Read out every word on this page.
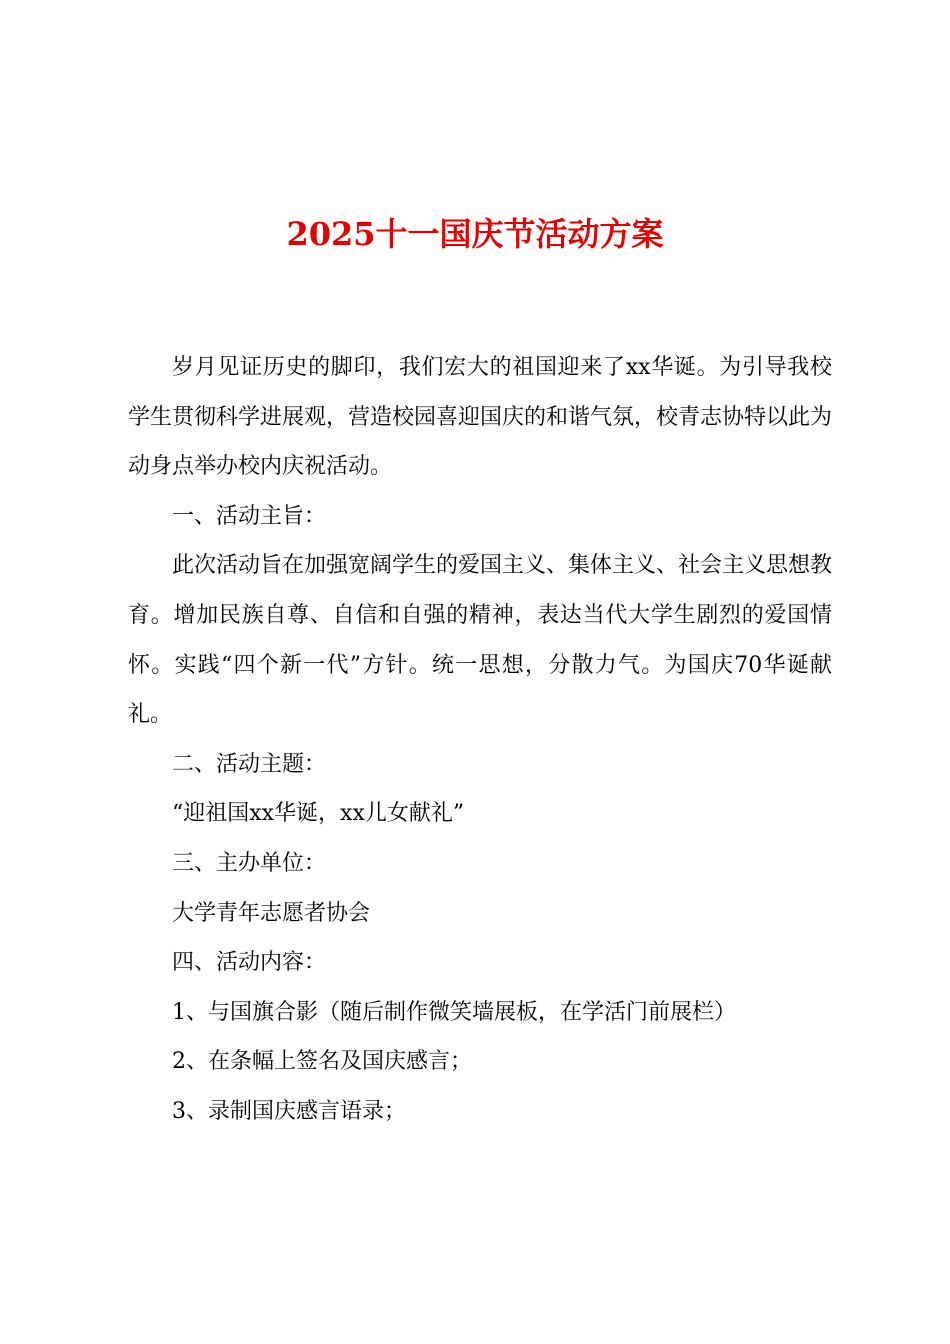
2025十一国庆节活动方案

岁月见证历史的脚印，我们宏大的祖国迎来了xx华诞。为引导我校学生贯彻科学进展观，营造校园喜迎国庆的和谐气氛，校青志协特以此为动身点举办校内庆祝活动。

一、活动主旨：

此次活动旨在加强宽阔学生的爱国主义、集体主义、社会主义思想教育。增加民族自尊、自信和自强的精神，表达当代大学生剧烈的爱国情怀。实践“四个新一代”方针。统一思想，分散力气。为国庆70华诞献礼。

二、活动主题：

“迎祖国xx华诞，xx儿女献礼”

三、主办单位：

大学青年志愿者协会

四、活动内容：

1、与国旗合影（随后制作微笑墙展板，在学活门前展栏）

2、在条幅上签名及国庆感言；

3、录制国庆感言语录；
